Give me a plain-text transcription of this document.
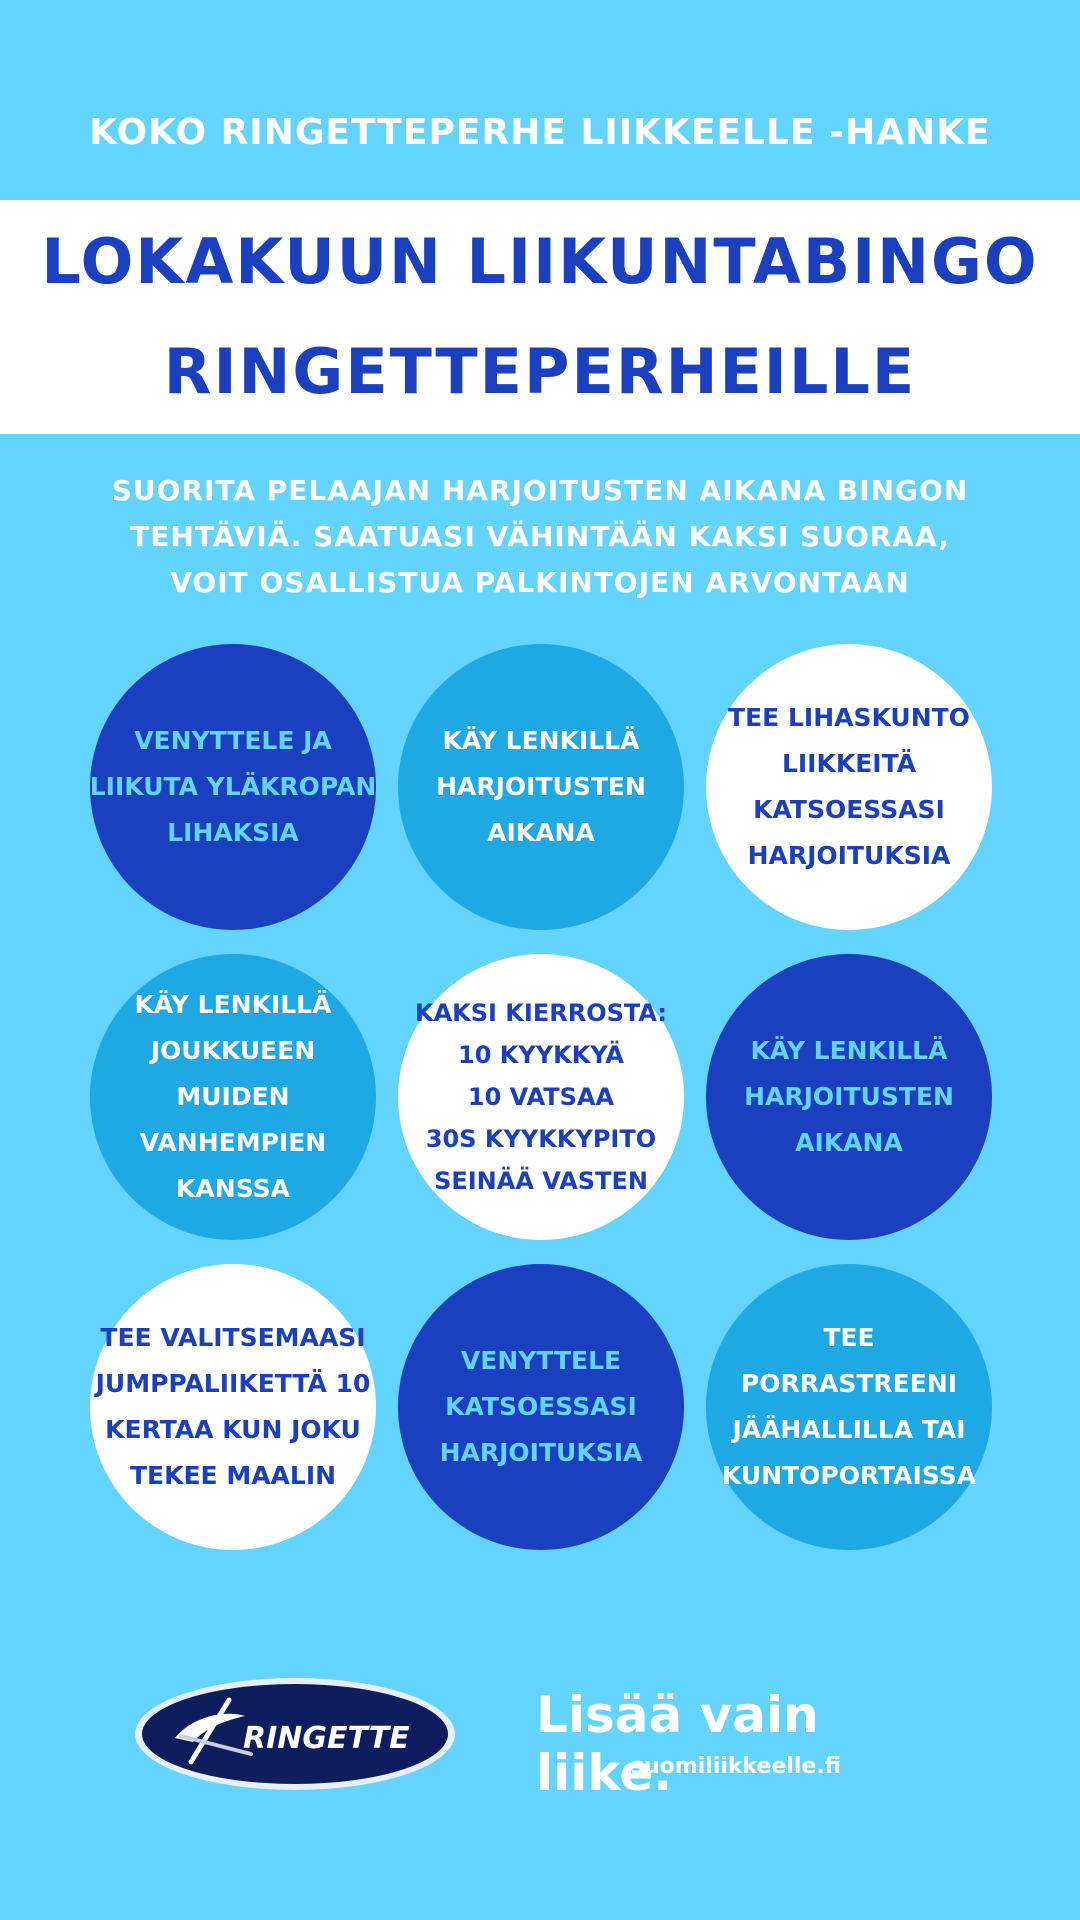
KOKO RINGETTEPERHE LIIKKEELLE -HANKE
LOKAKUUN LIIKUNTABINGO
RINGETTEPERHEILLE
SUORITA PELAAJAN HARJOITUSTEN AIKANA BINGON
TEHTÄVIÄ. SAATUASI VÄHINTÄÄN KAKSI SUORAA,
VOIT OSALLISTUA PALKINTOJEN ARVONTAAN
VENYTTELE JA
LIIKUTA YLÄKROPAN
LIHAKSIA
KÄY LENKILLÄ
HARJOITUSTEN
AIKANA
TEE LIHASKUNTO
LIIKKEITÄ
KATSOESSASI
HARJOITUKSIA
KÄY LENKILLÄ
JOUKKUEEN
MUIDEN
VANHEMPIEN
KANSSA
KAKSI KIERROSTA:
10 KYYKKYÄ
10 VATSAA
30S KYYKKYPITO
SEINÄÄ VASTEN
KÄY LENKILLÄ
HARJOITUSTEN
AIKANA
TEE VALITSEMAASI
JUMPPALIIKETTÄ 10
KERTAA KUN JOKU
TEKEE MAALIN
VENYTTELE
KATSOESSASI
HARJOITUKSIA
TEE
PORRASTREENI
JÄÄHALLILLA TAI
KUNTOPORTAISSA
RINGETTE	Lisää vain liike.
suomiliikkeelle.fi
